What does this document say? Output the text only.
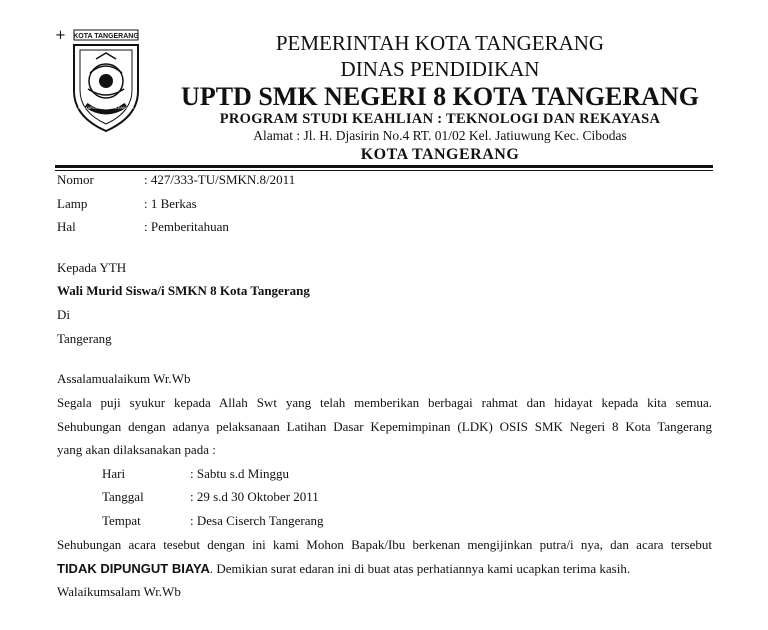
+ KOTA TANGERANG
LAH KARYA ADHI KERTA RAHARJA
PEMERINTAH KOTA TANGERANG
DINAS PENDIDIKAN
UPTD SMK NEGERI 8 KOTA TANGERANG
PROGRAM STUDI KEAHLIAN : TEKNOLOGI DAN REKAYASA
Alamat : Jl. H. Djasirin No.4 RT. 01/02 Kel. Jatiuwung Kec. Cibodas
KOTA TANGERANG
Nomor	: 427/333-TU/SMKN.8/2011
Lamp	: 1 Berkas
Hal	: Pemberitahuan
Kepada YTH
Wali Murid Siswa/i SMKN 8 Kota Tangerang
Di
Tangerang
Assalamualaikum Wr.Wb
Segala puji syukur kepada Allah Swt yang telah memberikan berbagai rahmat dan hidayat kepada kita semua.
Sehubungan dengan adanya pelaksanaan Latihan Dasar Kepemimpinan (LDK) OSIS SMK Negeri 8 Kota Tangerang
yang akan dilaksanakan pada :
Hari	: Sabtu s.d Minggu
Tanggal	: 29 s.d 30 Oktober 2011
Tempat	: Desa Ciserch Tangerang
Sehubungan acara tesebut dengan ini kami Mohon Bapak/Ibu berkenan mengijinkan putra/i nya, dan acara tersebut
TIDAK DIPUNGUT BIAYA. Demikian surat edaran ini di buat atas perhatiannya kami ucapkan terima kasih.
Walaikumsalam Wr.Wb
